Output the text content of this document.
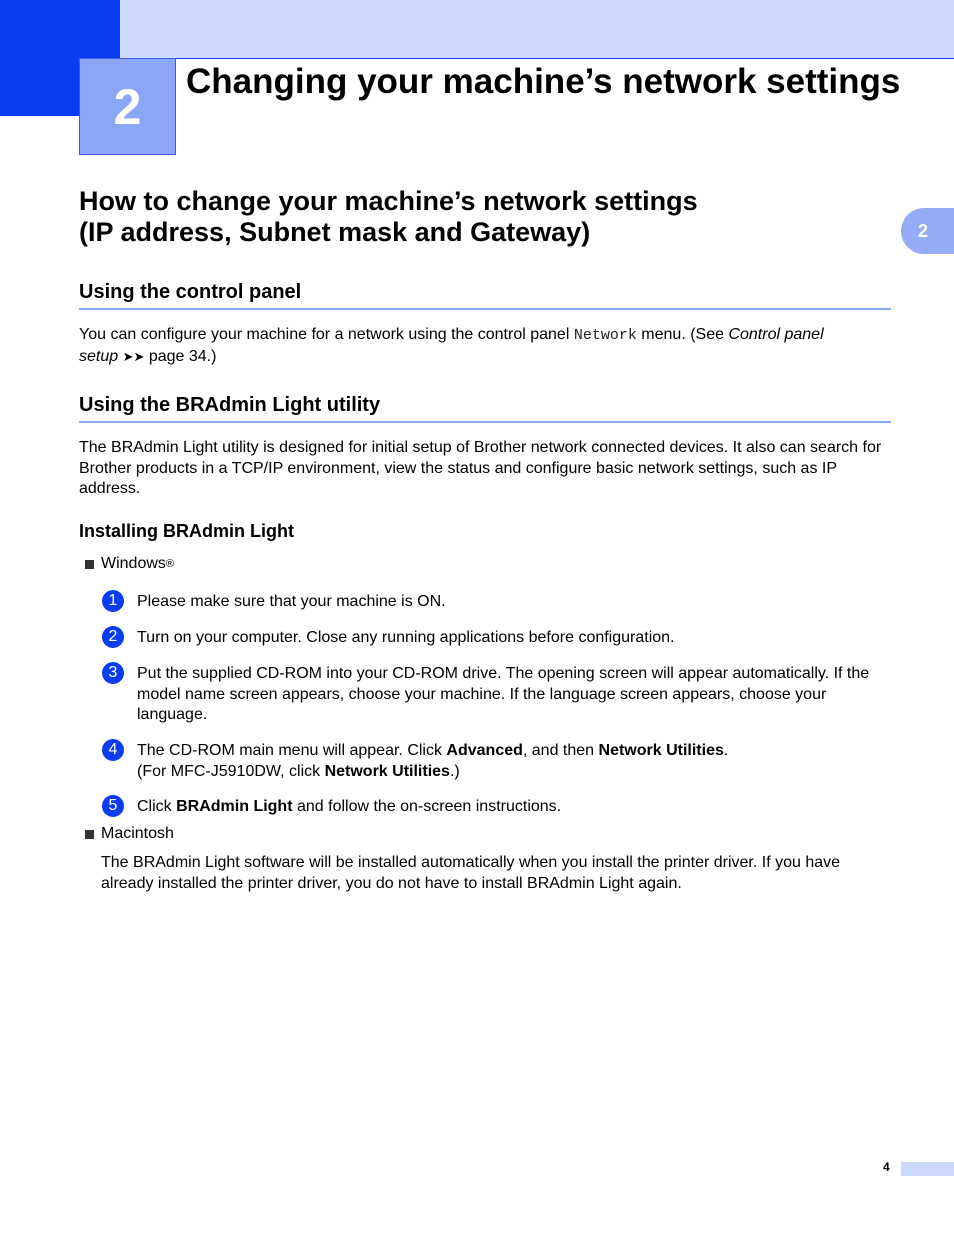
2 Changing your machine’s network settings
2
How to change your machine’s network settings
(IP address, Subnet mask and Gateway)
Using the control panel
You can configure your machine for a network using the control panel Network menu. (See Control panel setup ➤➤ page 34.)
Using the BRAdmin Light utility
The BRAdmin Light utility is designed for initial setup of Brother network connected devices. It also can search for Brother products in a TCP/IP environment, view the status and configure basic network settings, such as IP address.
Installing BRAdmin Light
Windows ®
1	Please make sure that your machine is ON.
2	Turn on your computer. Close any running applications before configuration.
3	Put the supplied CD-ROM into your CD-ROM drive. The opening screen will appear automatically. If the model name screen appears, choose your machine. If the language screen appears, choose your language.
4	The CD-ROM main menu will appear. Click Advanced, and then Network Utilities.
(For MFC-J5910DW, click Network Utilities.)
5	Click BRAdmin Light and follow the on-screen instructions.
Macintosh
The BRAdmin Light software will be installed automatically when you install the printer driver. If you have already installed the printer driver, you do not have to install BRAdmin Light again.
4
